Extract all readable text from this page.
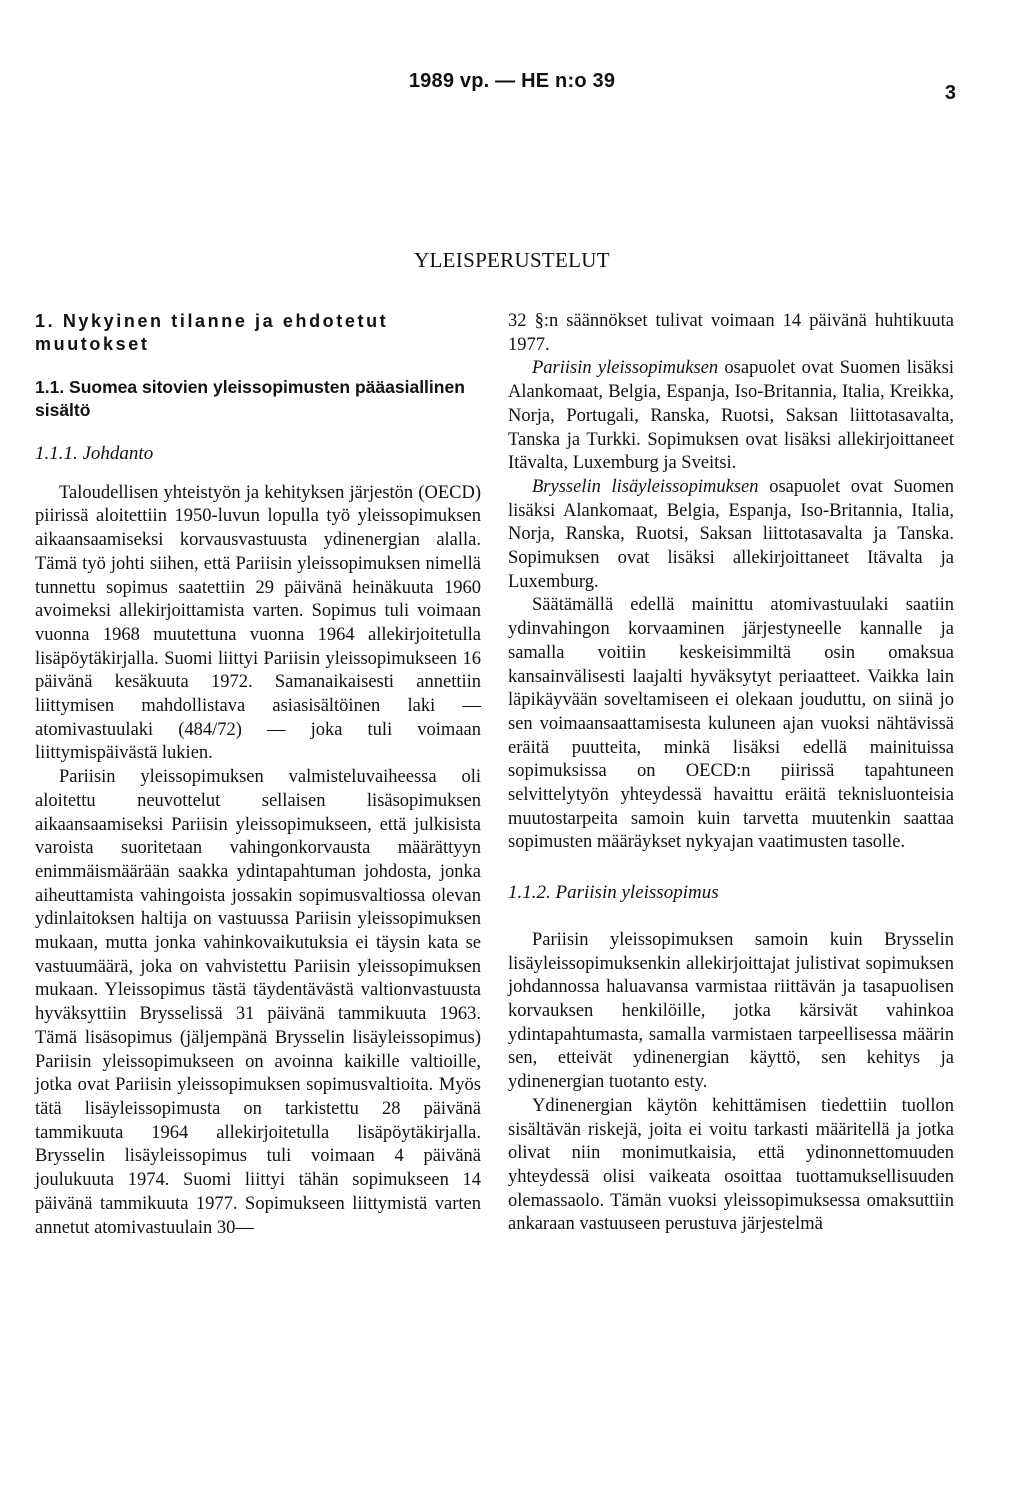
1989 vp. — HE n:o 39
3
YLEISPERUSTELUT
1. Nykyinen tilanne ja ehdotetut muutokset
1.1. Suomea sitovien yleissopimusten pääasiallinen sisältö
1.1.1. Johdanto

Taloudellisen yhteistyön ja kehityksen järjestön (OECD) piirissä aloitettiin 1950-luvun lopulla työ yleissopimuksen aikaansaamiseksi korvausvastuusta ydinenergian alalla. Tämä työ johti siihen, että Pariisin yleissopimuksen nimellä tunnettu sopimus saatettiin 29 päivänä heinäkuuta 1960 avoimeksi allekirjoittamista varten. Sopimus tuli voimaan vuonna 1968 muutettuna vuonna 1964 allekirjoitetulla lisäpöytäkirjalla. Suomi liittyi Pariisin yleissopimukseen 16 päivänä kesäkuuta 1972. Samanaikaisesti annettiin liittymisen mahdollistava asiasisältöinen laki — atomivastuulaki (484/72) — joka tuli voimaan liittymispäivästä lukien.

Pariisin yleissopimuksen valmisteluvaiheessa oli aloitettu neuvottelut sellaisen lisäsopimuksen aikaansaamiseksi Pariisin yleissopimukseen, että julkisista varoista suoritetaan vahingonkorvausta määrättyyn enimmäismäärään saakka ydintapahtuman johdosta, jonka aiheuttamista vahingoista jossakin sopimusvaltiossa olevan ydinlaitoksen haltija on vastuussa Pariisin yleissopimuksen mukaan, mutta jonka vahinkovaikutuksia ei täysin kata se vastuumäärä, joka on vahvistettu Pariisin yleissopimuksen mukaan. Yleissopimus tästä täydentävästä valtionvastuusta hyväksyttiin Brysselissä 31 päivänä tammikuuta 1963. Tämä lisäsopimus (jäljempänä Brysselin lisäyleissopimus) Pariisin yleissopimukseen on avoinna kaikille valtioille, jotka ovat Pariisin yleissopimuksen sopimusvaltioita. Myös tätä lisäyleissopimusta on tarkistettu 28 päivänä tammikuuta 1964 allekirjoitetulla lisäpöytäkirjalla. Brysselin lisäyleissopimus tuli voimaan 4 päivänä joulukuuta 1974. Suomi liittyi tähän sopimukseen 14 päivänä tammikuuta 1977. Sopimukseen liittymistä varten annetut atomivastuulain 30—

32 §:n säännökset tulivat voimaan 14 päivänä huhtikuuta 1977.

Pariisin yleissopimuksen osapuolet ovat Suomen lisäksi Alankomaat, Belgia, Espanja, Iso-Britannia, Italia, Kreikka, Norja, Portugali, Ranska, Ruotsi, Saksan liittotasavalta, Tanska ja Turkki. Sopimuksen ovat lisäksi allekirjoittaneet Itävalta, Luxemburg ja Sveitsi.

Brysselin lisäyleissopimuksen osapuolet ovat Suomen lisäksi Alankomaat, Belgia, Espanja, Iso-Britannia, Italia, Norja, Ranska, Ruotsi, Saksan liittotasavalta ja Tanska. Sopimuksen ovat lisäksi allekirjoittaneet Itävalta ja Luxemburg.

Säätämällä edellä mainittu atomivastuulaki saatiin ydinvahingon korvaaminen järjestyneelle kannalle ja samalla voitiin keskeisimmiltä osin omaksua kansainvälisesti laajalti hyväksytyt periaatteet. Vaikka lain läpikäyvään soveltamiseen ei olekaan jouduttu, on siinä jo sen voimaansaattamisesta kuluneen ajan vuoksi nähtävissä eräitä puutteita, minkä lisäksi edellä mainituissa sopimuksissa on OECD:n piirissä tapahtuneen selvittelytyön yhteydessä havaittu eräitä teknisluonteisia muutostarpeita samoin kuin tarvetta muutenkin saattaa sopimusten määräykset nykyajan vaatimusten tasolle.

1.1.2. Pariisin yleissopimus

Pariisin yleissopimuksen samoin kuin Brysselin lisäyleissopimuksenkin allekirjoittajat julistivat sopimuksen johdannossa haluavansa varmistaa riittävän ja tasapuolisen korvauksen henkilöille, jotka kärsivät vahinkoa ydintapahtumasta, samalla varmistaen tarpeellisessa määrin sen, etteivät ydinenergian käyttö, sen kehitys ja ydinenergian tuotanto esty.

Ydinenergian käytön kehittämisen tiedettiin tuollon sisältävän riskejä, joita ei voitu tarkasti määritellä ja jotka olivat niin monimutkaisia, että ydinonnettomuuden yhteydessä olisi vaikeata osoittaa tuottamuksellisuuden olemassaolo. Tämän vuoksi yleissopimuksessa omaksuttiin ankaraan vastuuseen perustuva järjestelmä
